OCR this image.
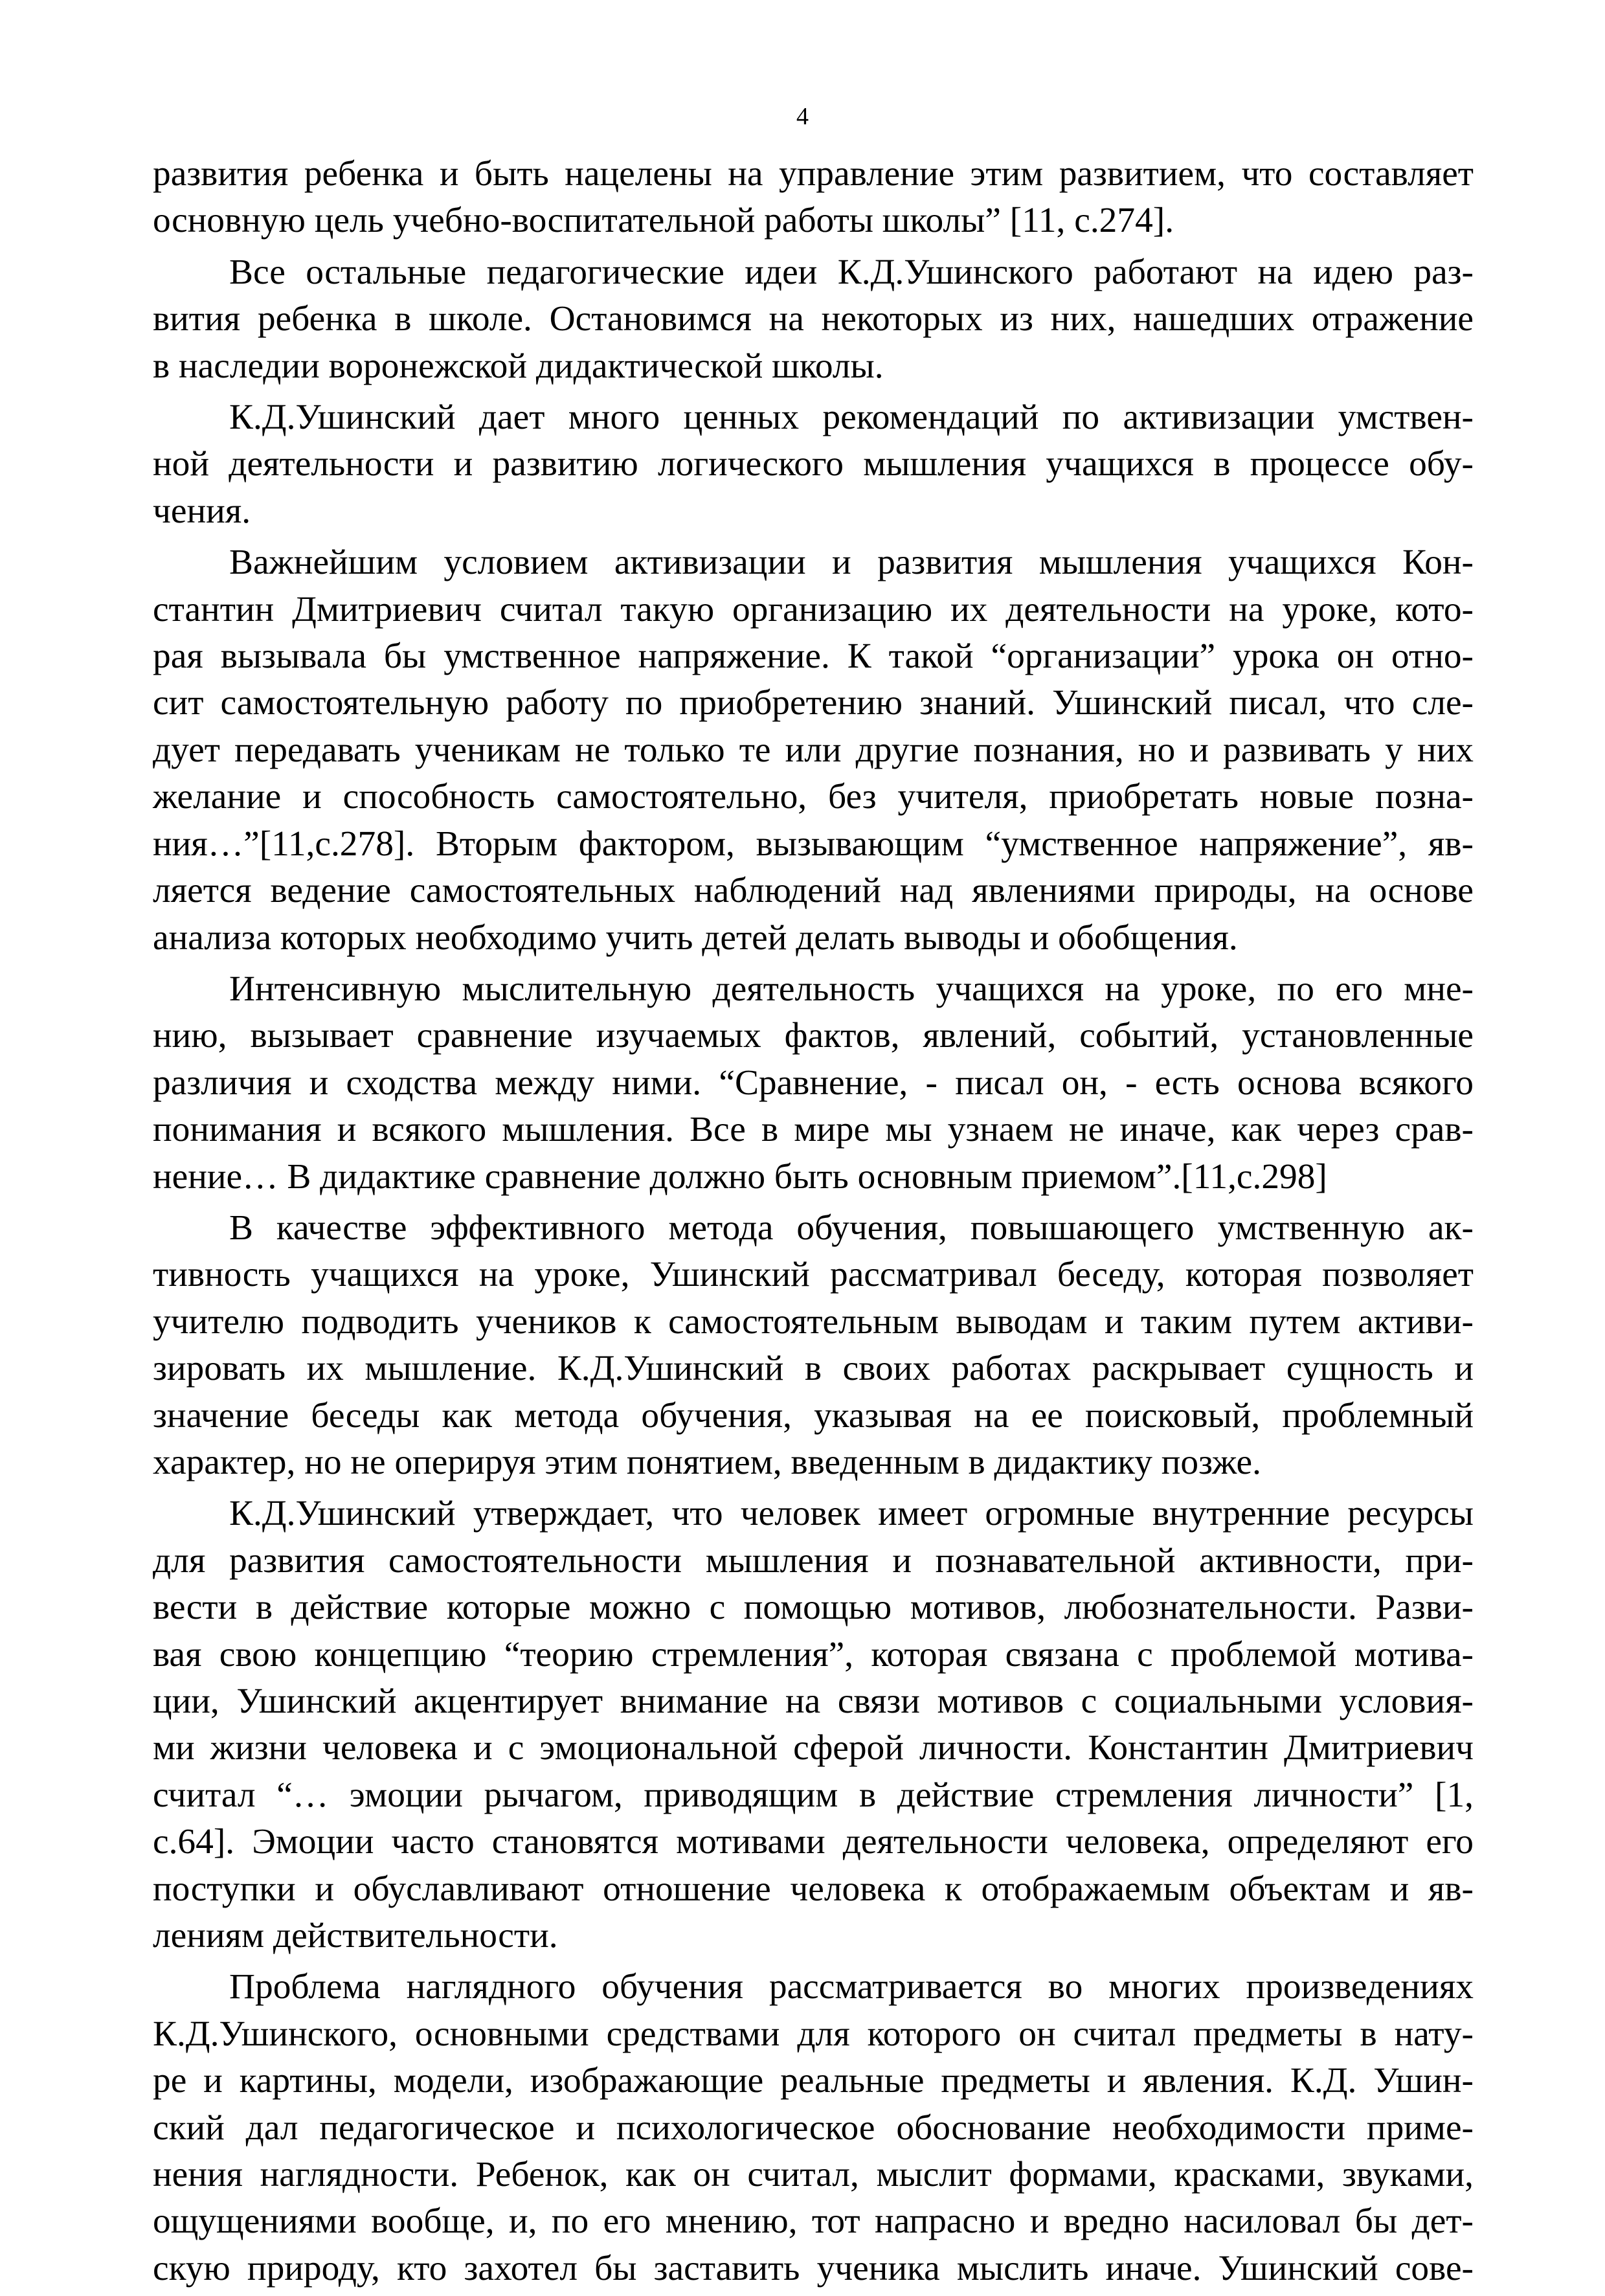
4
развития ребенка и быть нацелены на управление этим развитием, что составляет
основную цель учебно-воспитательной работы школы” [11, с.274].
Все остальные педагогические идеи К.Д.Ушинского работают на идею раз-
вития ребенка в школе. Остановимся на некоторых из них, нашедших отражение
в наследии воронежской дидактической школы.
К.Д.Ушинский дает много ценных рекомендаций по активизации умствен-
ной деятельности и развитию логического мышления учащихся в процессе обу-
чения.
Важнейшим условием активизации и развития мышления учащихся Кон-
стантин Дмитриевич считал такую организацию их деятельности на уроке, кото-
рая вызывала бы умственное напряжение. К такой “организации” урока он отно-
сит самостоятельную работу по приобретению знаний. Ушинский писал, что сле-
дует передавать ученикам не только те или другие познания, но и развивать у них
желание и способность самостоятельно, без учителя, приобретать новые позна-
ния…”[11,с.278]. Вторым фактором, вызывающим “умственное напряжение”, яв-
ляется ведение самостоятельных наблюдений над явлениями природы, на основе
анализа которых необходимо учить детей делать выводы и обобщения.
Интенсивную мыслительную деятельность учащихся на уроке, по его мне-
нию, вызывает сравнение изучаемых фактов, явлений, событий, установленные
различия и сходства между ними. “Сравнение, - писал он, - есть основа всякого
понимания и всякого мышления. Все в мире мы узнаем не иначе, как через срав-
нение… В дидактике сравнение должно быть основным приемом”.[11,с.298]
В качестве эффективного метода обучения, повышающего умственную ак-
тивность учащихся на уроке, Ушинский рассматривал беседу, которая позволяет
учителю подводить учеников к самостоятельным выводам и таким путем активи-
зировать их мышление. К.Д.Ушинский в своих работах раскрывает сущность и
значение беседы как метода обучения, указывая на ее поисковый, проблемный
характер, но не оперируя этим понятием, введенным в дидактику позже.
К.Д.Ушинский утверждает, что человек имеет огромные внутренние ресурсы
для развития самостоятельности мышления и познавательной активности, при-
вести в действие которые можно с помощью мотивов, любознательности. Разви-
вая свою концепцию “теорию стремления”, которая связана с проблемой мотива-
ции, Ушинский акцентирует внимание на связи мотивов с социальными условия-
ми жизни человека и с эмоциональной сферой личности. Константин Дмитриевич
считал “… эмоции рычагом, приводящим в действие стремления личности” [1,
с.64]. Эмоции часто становятся мотивами деятельности человека, определяют его
поступки и обуславливают отношение человека к отображаемым объектам и яв-
лениям действительности.
Проблема наглядного обучения рассматривается во многих произведениях
К.Д.Ушинского, основными средствами для которого он считал предметы в нату-
ре и картины, модели, изображающие реальные предметы и явления. К.Д. Ушин-
ский дал педагогическое и психологическое обоснование необходимости приме-
нения наглядности. Ребенок, как он считал, мыслит формами, красками, звуками,
ощущениями вообще, и, по его мнению, тот напрасно и вредно насиловал бы дет-
скую природу, кто захотел бы заставить ученика мыслить иначе. Ушинский сове-
